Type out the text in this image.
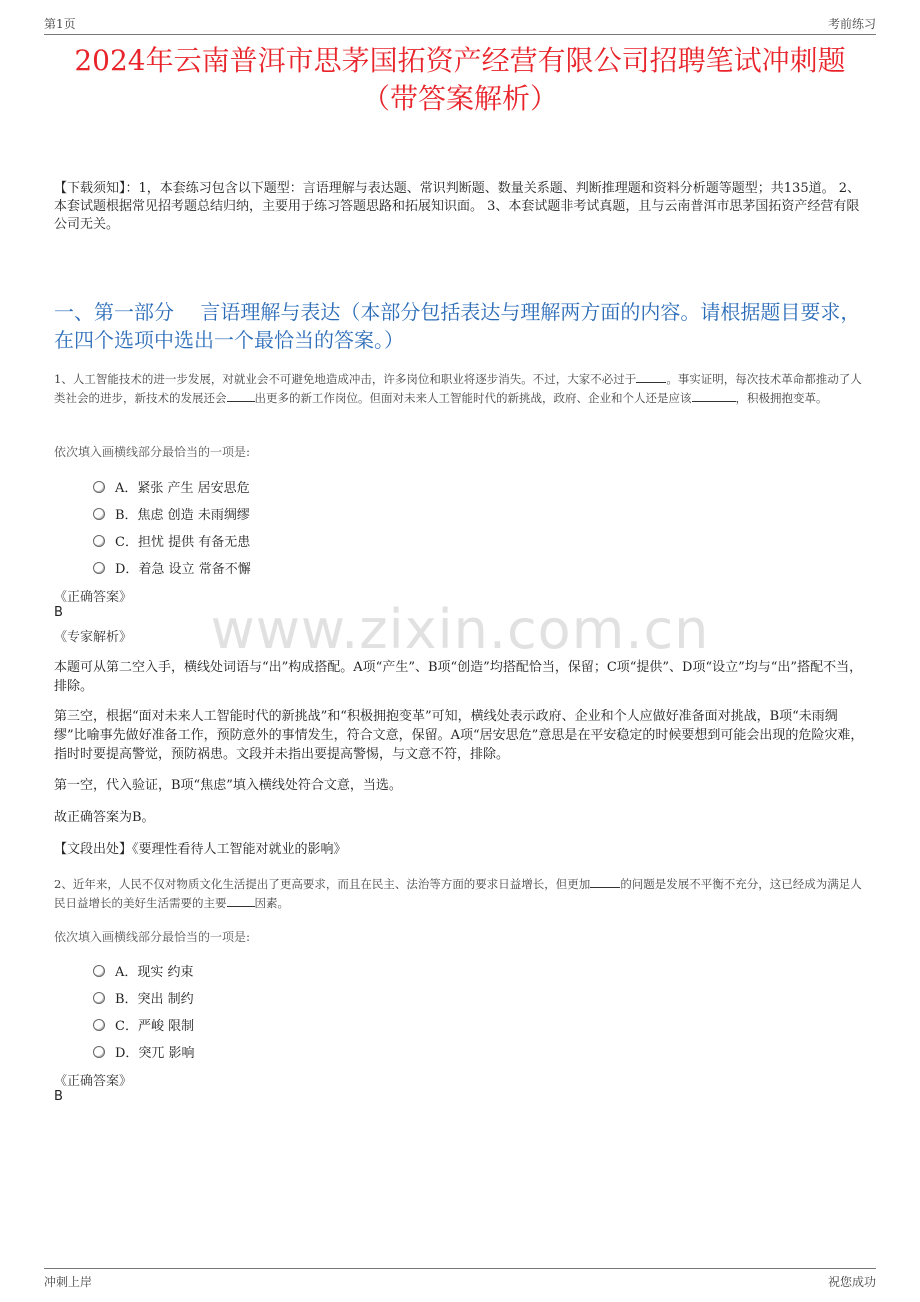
第1页	考前练习
2024年云南普洱市思茅国拓资产经营有限公司招聘笔试冲刺题
（带答案解析）
【下载须知】：1，本套练习包含以下题型：言语理解与表达题、常识判断题、数量关系题、判断推理题和资料分析题等题型；共135道。 2、本套试题根据常见招考题总结归纳，主要用于练习答题思路和拓展知识面。 3、本套试题非考试真题，且与云南普洱市思茅国拓资产经营有限公司无关。
一、第一部分　 言语理解与表达（本部分包括表达与理解两方面的内容。请根据题目要求，在四个选项中选出一个最恰当的答案。）
1、人工智能技术的进一步发展，对就业会不可避免地造成冲击，许多岗位和职业将逐步消失。不过，大家不必过于	。事实证明，每次技术革命都推动了人类社会的进步，新技术的发展还会 出更多的新工作岗位。但面对未来人工智能时代的新挑战，政府、企业和个人还是应该	，积极拥抱变革。
依次填入画横线部分最恰当的一项是:
A．紧张 产生 居安思危
B．焦虑 创造 未雨绸缪
C．担忧 提供 有备无患
D．着急 设立 常备不懈
《正确答案》
B
《专家解析》	www.zixin.com.cn
本题可从第二空入手，横线处词语与“出”构成搭配。A项“产生”、B项“创造”均搭配恰当，保留；C项“提供”、D项“设立”均与“出”搭配不当，排除。
第三空，根据“面对未来人工智能时代的新挑战”和“积极拥抱变革”可知，横线处表示政府、企业和个人应做好准备面对挑战，B项“未雨绸缪”比喻事先做好准备工作，预防意外的事情发生，符合文意，保留。A项“居安思危”意思是在平安稳定的时候要想到可能会出现的危险灾难，指时时要提高警觉，预防祸患。文段并未指出要提高警惕，与文意不符，排除。
第一空，代入验证，B项“焦虑”填入横线处符合文意，当选。
故正确答案为B。
【文段出处】《要理性看待人工智能对就业的影响》
2、近年来，人民不仅对物质文化生活提出了更高要求，而且在民主、法治等方面的要求日益增长，但更加	的问题是发展不平衡不充分，这已经成为满足人民日益增长的美好生活需要的主要 因素。
依次填入画横线部分最恰当的一项是:
A．现实 约束
B．突出 制约
C．严峻 限制
D．突兀 影响
《正确答案》
B
冲刺上岸	祝您成功
